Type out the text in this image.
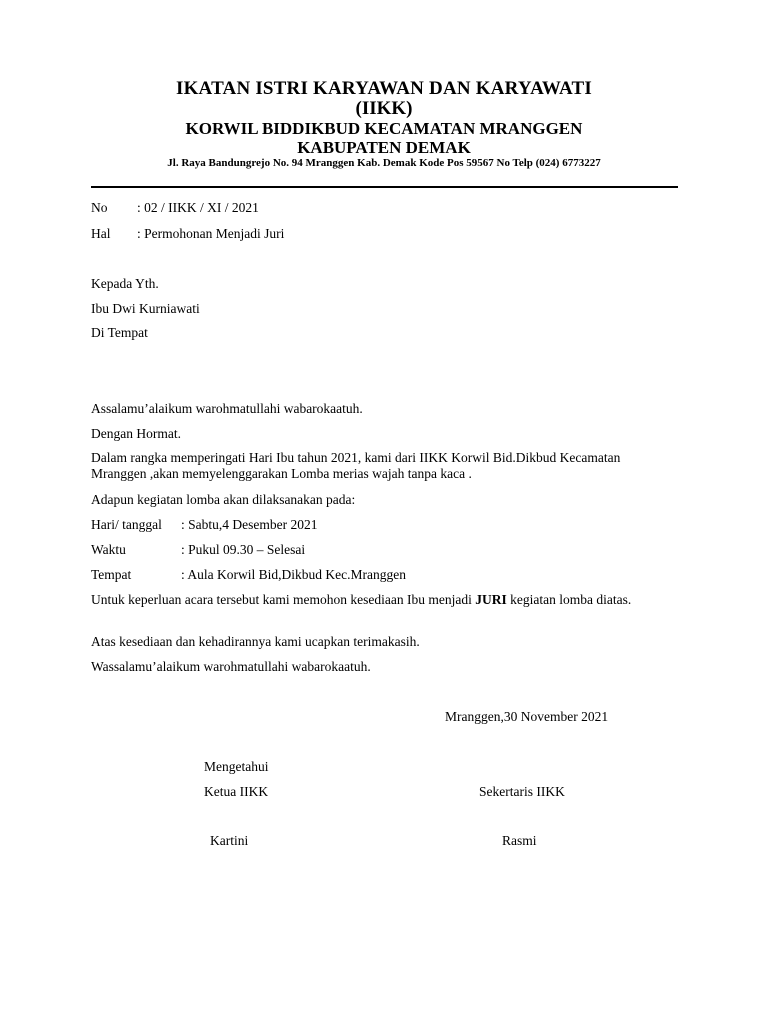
IKATAN ISTRI KARYAWAN DAN KARYAWATI
(IIKK)
KORWIL BIDDIKBUD KECAMATAN MRANGGEN
KABUPATEN DEMAK
Jl. Raya Bandungrejo No. 94 Mranggen Kab. Demak Kode Pos 59567 No Telp (024) 6773227
No : 02 / IIKK / XI / 2021
Hal : Permohonan Menjadi Juri
Kepada Yth.
Ibu Dwi Kurniawati
Di Tempat
Assalamu’alaikum warohmatullahi wabarokaatuh.
Dengan Hormat.
Dalam rangka memperingati Hari Ibu tahun 2021, kami dari IIKK Korwil Bid.Dikbud Kecamatan Mranggen ,akan memyelenggarakan Lomba merias wajah tanpa kaca .
Adapun kegiatan lomba akan dilaksanakan pada:
Hari/ tanggal : Sabtu,4 Desember 2021
Waktu	: Pukul 09.30 – Selesai
Tempat	: Aula Korwil Bid,Dikbud Kec.Mranggen
Untuk keperluan acara tersebut kami memohon kesediaan Ibu menjadi JURI kegiatan lomba diatas.
Atas kesediaan dan kehadirannya kami ucapkan terimakasih.
Wassalamu’alaikum warohmatullahi wabarokaatuh.
Mranggen,30 November 2021
Mengetahui
Ketua IIKK	Sekertaris IIKK
Kartini	Rasmi
